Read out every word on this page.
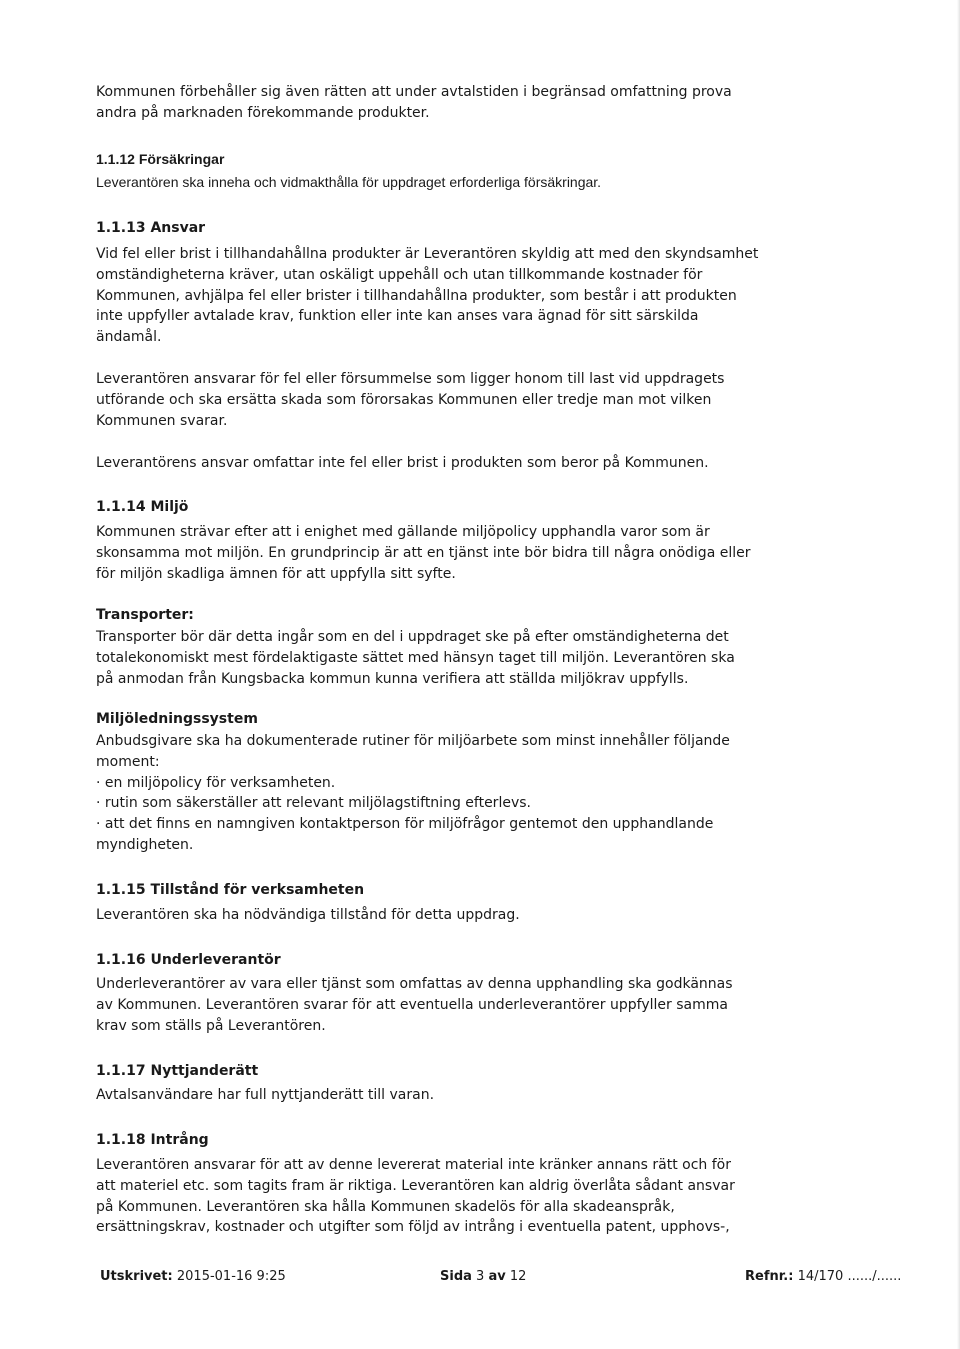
Kommunen förbehåller sig även rätten att under avtalstiden i begränsad omfattning prova
andra på marknaden förekommande produkter.
1.1.12 Försäkringar
Leverantören ska inneha och vidmakthålla för uppdraget erforderliga försäkringar.
1.1.13 Ansvar
Vid fel eller brist i tillhandahållna produkter är Leverantören skyldig att med den skyndsamhet
omständigheterna kräver, utan oskäligt uppehåll och utan tillkommande kostnader för
Kommunen, avhjälpa fel eller brister i tillhandahållna produkter, som består i att produkten
inte uppfyller avtalade krav, funktion eller inte kan anses vara ägnad för sitt särskilda
ändamål.
Leverantören ansvarar för fel eller försummelse som ligger honom till last vid uppdragets
utförande och ska ersätta skada som förorsakas Kommunen eller tredje man mot vilken
Kommunen svarar.
Leverantörens ansvar omfattar inte fel eller brist i produkten som beror på Kommunen.
1.1.14 Miljö
Kommunen strävar efter att i enighet med gällande miljöpolicy upphandla varor som är
skonsamma mot miljön. En grundprincip är att en tjänst inte bör bidra till några onödiga eller
för miljön skadliga ämnen för att uppfylla sitt syfte.
Transporter:
Transporter bör där detta ingår som en del i uppdraget ske på efter omständigheterna det
totalekonomiskt mest fördelaktigaste sättet med hänsyn taget till miljön. Leverantören ska
på anmodan från Kungsbacka kommun kunna verifiera att ställda miljökrav uppfylls.
Miljöledningssystem
Anbudsgivare ska ha dokumenterade rutiner för miljöarbete som minst innehåller följande
moment:
· en miljöpolicy för verksamheten.
· rutin som säkerställer att relevant miljölagstiftning efterlevs.
· att det finns en namngiven kontaktperson för miljöfrågor gentemot den upphandlande
myndigheten.
1.1.15 Tillstånd för verksamheten
Leverantören ska ha nödvändiga tillstånd för detta uppdrag.
1.1.16 Underleverantör
Underleverantörer av vara eller tjänst som omfattas av denna upphandling ska godkännas
av Kommunen. Leverantören svarar för att eventuella underleverantörer uppfyller samma
krav som ställs på Leverantören.
1.1.17 Nyttjanderätt
Avtalsanvändare har full nyttjanderätt till varan.
1.1.18 Intrång
Leverantören ansvarar för att av denne levererat material inte kränker annans rätt och för
att materiel etc. som tagits fram är riktiga. Leverantören kan aldrig överlåta sådant ansvar
på Kommunen. Leverantören ska hålla Kommunen skadelös för alla skadeanspråk,
ersättningskrav, kostnader och utgifter som följd av intrång i eventuella patent, upphovs-,
Utskrivet: 2015-01-16 9:25	Sida 3 av 12	Refnr.: 14/170 ....../......
